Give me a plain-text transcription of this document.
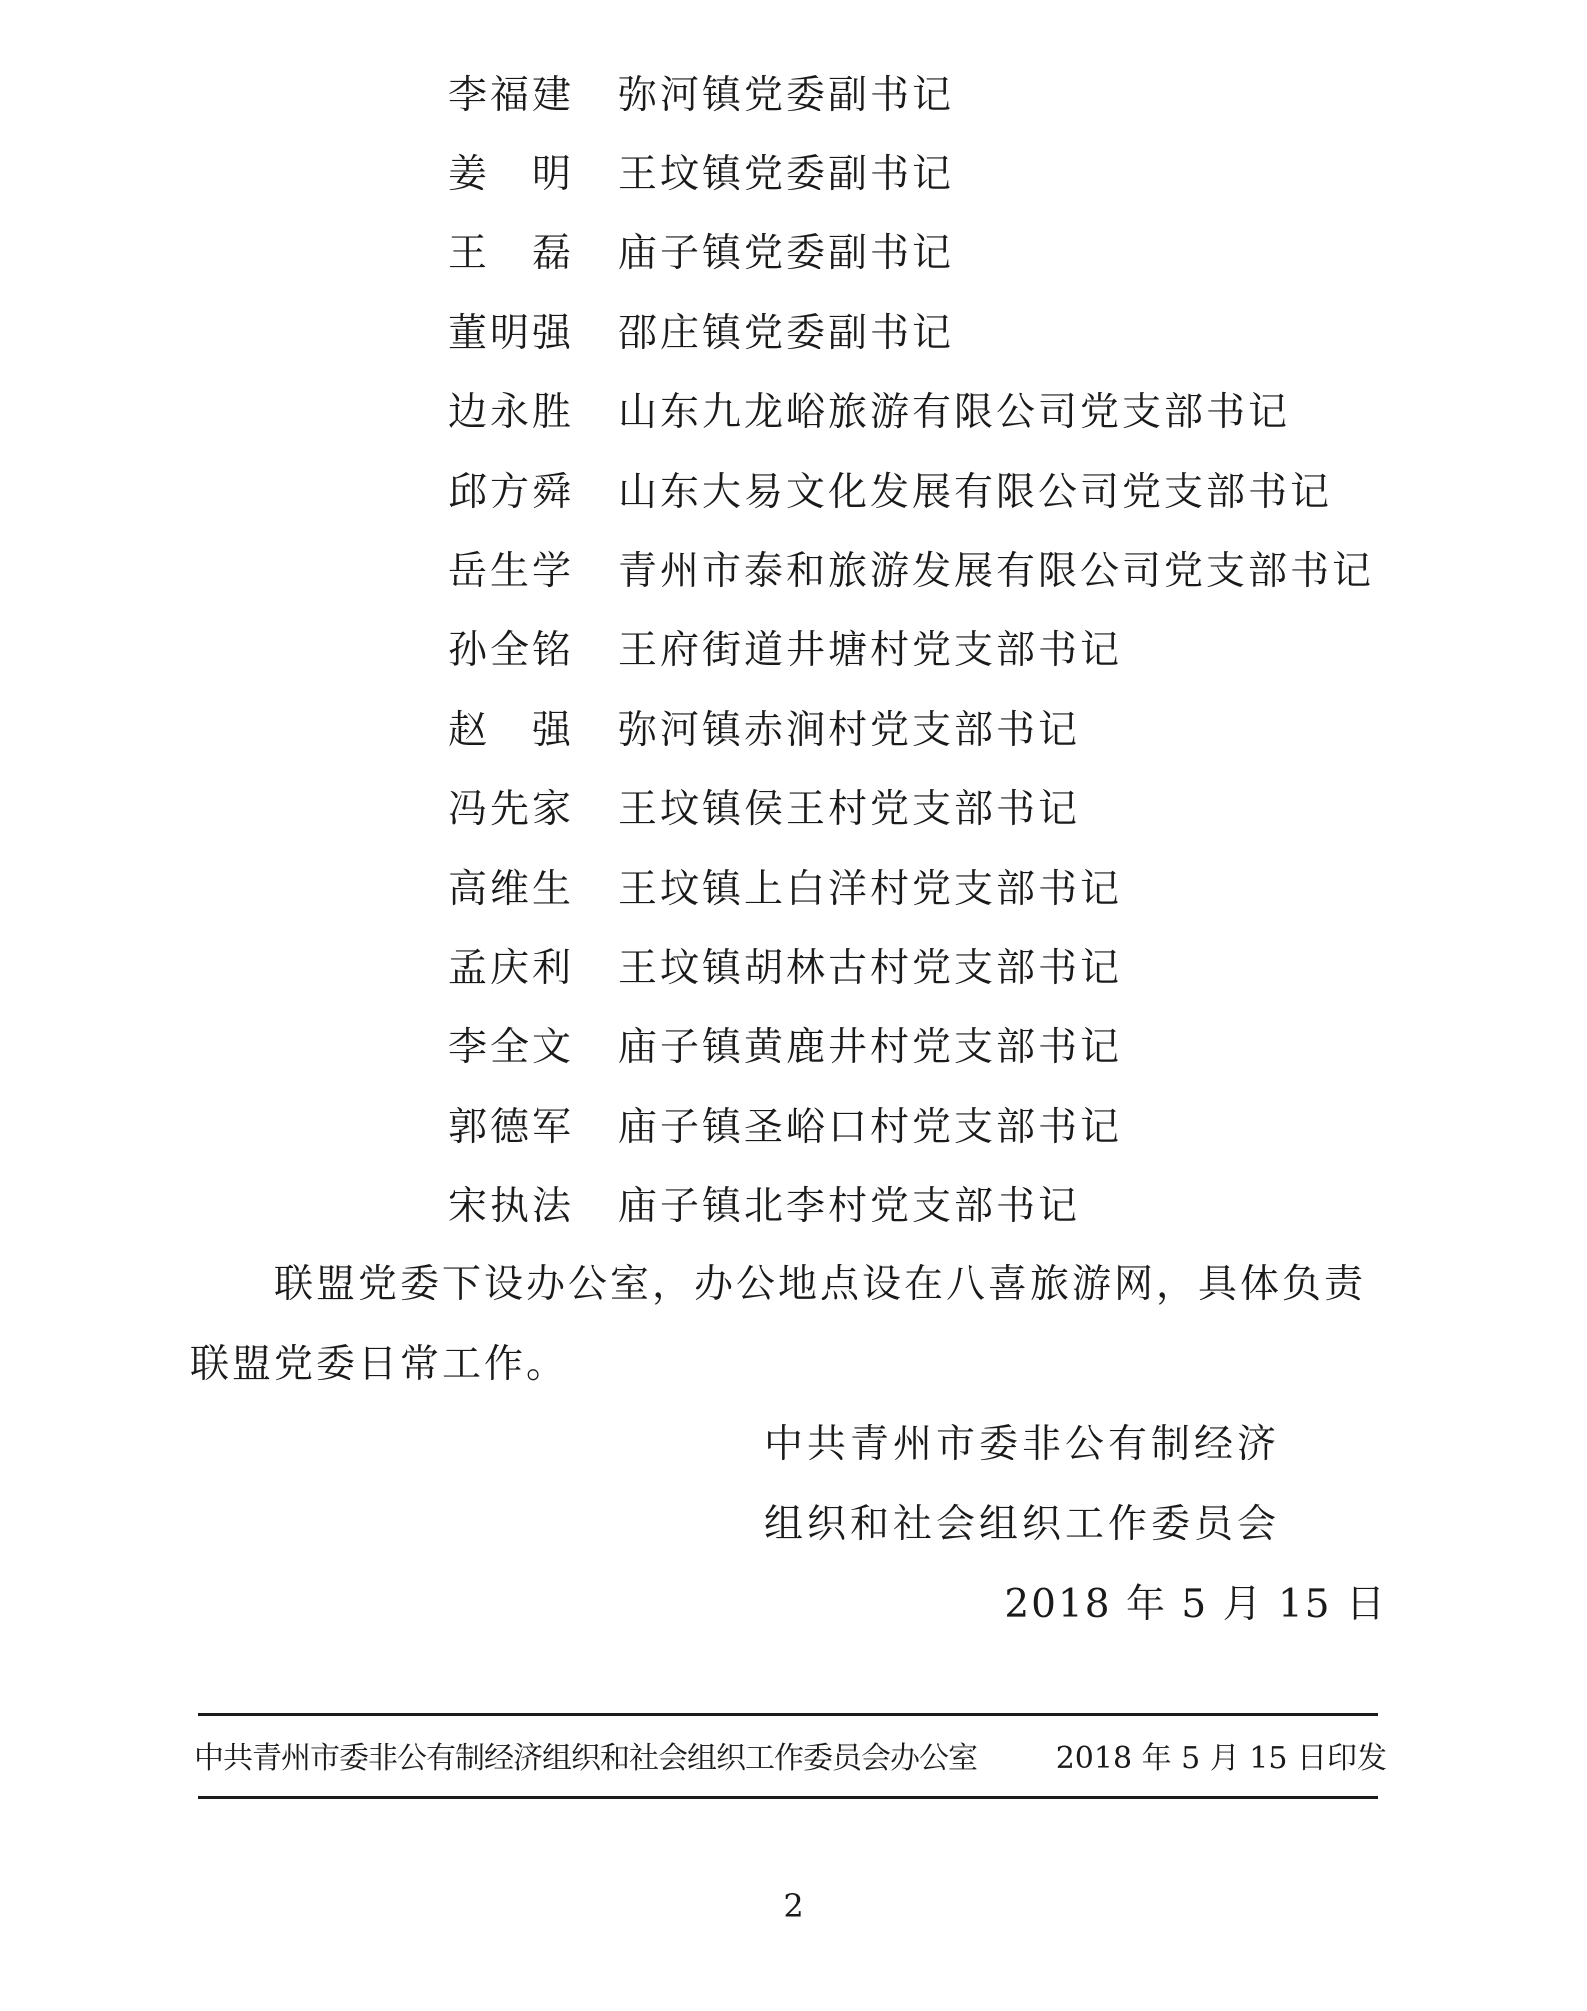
李福建	弥河镇党委副书记
姜　明	王坟镇党委副书记
王　磊	庙子镇党委副书记
董明强	邵庄镇党委副书记
边永胜	山东九龙峪旅游有限公司党支部书记
邱方舜	山东大易文化发展有限公司党支部书记
岳生学	青州市泰和旅游发展有限公司党支部书记
孙全铭	王府街道井塘村党支部书记
赵　强	弥河镇赤涧村党支部书记
冯先家	王坟镇侯王村党支部书记
高维生	王坟镇上白洋村党支部书记
孟庆利	王坟镇胡林古村党支部书记
李全文	庙子镇黄鹿井村党支部书记
郭德军	庙子镇圣峪口村党支部书记
宋执法	庙子镇北李村党支部书记
联盟党委下设办公室，办公地点设在八喜旅游网，具体负责
联盟党委日常工作。
中共青州市委非公有制经济
组织和社会组织工作委员会
2018 年 5 月 15 日
中共青州市委非公有制经济组织和社会组织工作委员会办公室	2018 年 5 月 15 日印发
2
